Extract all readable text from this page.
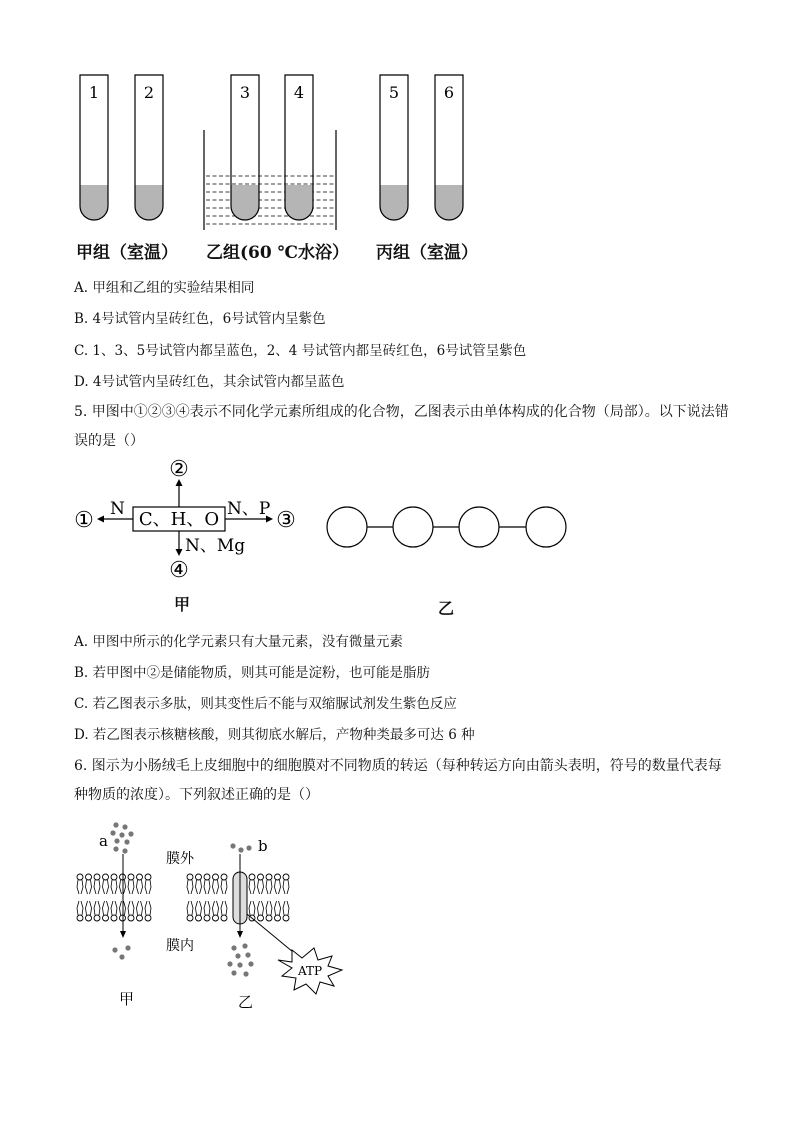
1	2	3	4	5	6
甲组（室温） 乙组(60 ℃水浴） 丙组（室温）
A. 甲组和乙组的实验结果相同
B. 4号试管内呈砖红色，6号试管内呈紫色
C. 1、3、5号试管内都呈蓝色，2、4 号试管内都呈砖红色，6号试管呈紫色
D. 4号试管内呈砖红色，其余试管内都呈蓝色
5. 甲图中①②③④表示不同化学元素所组成的化合物，乙图表示由单体构成的化合物（局部）。以下说法错
误的是（）
C、H、O
②
N
①	N、P ③
N、Mg
④
甲	乙
A. 甲图中所示的化学元素只有大量元素，没有微量元素
B. 若甲图中②是储能物质，则其可能是淀粉，也可能是脂肪
C. 若乙图表示多肽，则其变性后不能与双缩脲试剂发生紫色反应
D. 若乙图表示核糖核酸，则其彻底水解后，产物种类最多可达 6 种
6. 图示为小肠绒毛上皮细胞中的细胞膜对不同物质的转运（每种转运方向由箭头表明，符号的数量代表每
种物质的浓度）。下列叙述正确的是（）
a
膜外
膜内
b
ATP
甲	乙
